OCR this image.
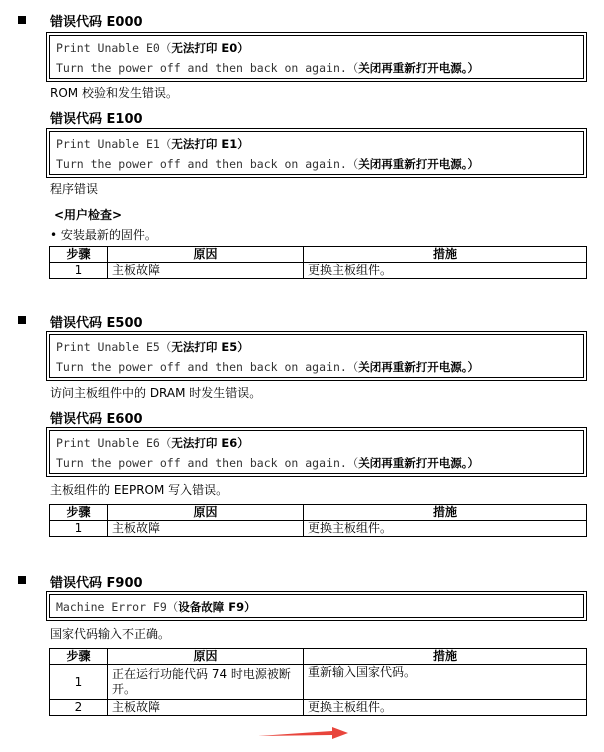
错误代码 E000
Print Unable E0（无法打印 E0）
Turn the power off and then back on again.（关闭再重新打开电源。）
ROM 校验和发生错误。
错误代码 E100
Print Unable E1（无法打印 E1）
Turn the power off and then back on again.（关闭再重新打开电源。）
程序错误
<用户检查>
• 安装最新的固件。
步骤	原因	措施
1	主板故障	更换主板组件。
错误代码 E500
Print Unable E5（无法打印 E5）
Turn the power off and then back on again.（关闭再重新打开电源。）
访问主板组件中的 DRAM 时发生错误。
错误代码 E600
Print Unable E6（无法打印 E6）
Turn the power off and then back on again.（关闭再重新打开电源。）
主板组件的 EEPROM 写入错误。
步骤	原因	措施
1	主板故障	更换主板组件。
错误代码 F900
Machine Error F9（设备故障 F9）
国家代码输入不正确。
步骤	原因	措施
1	正在运行功能代码 74 时电源被断开。	重新输入国家代码。
2	主板故障	更换主板组件。
